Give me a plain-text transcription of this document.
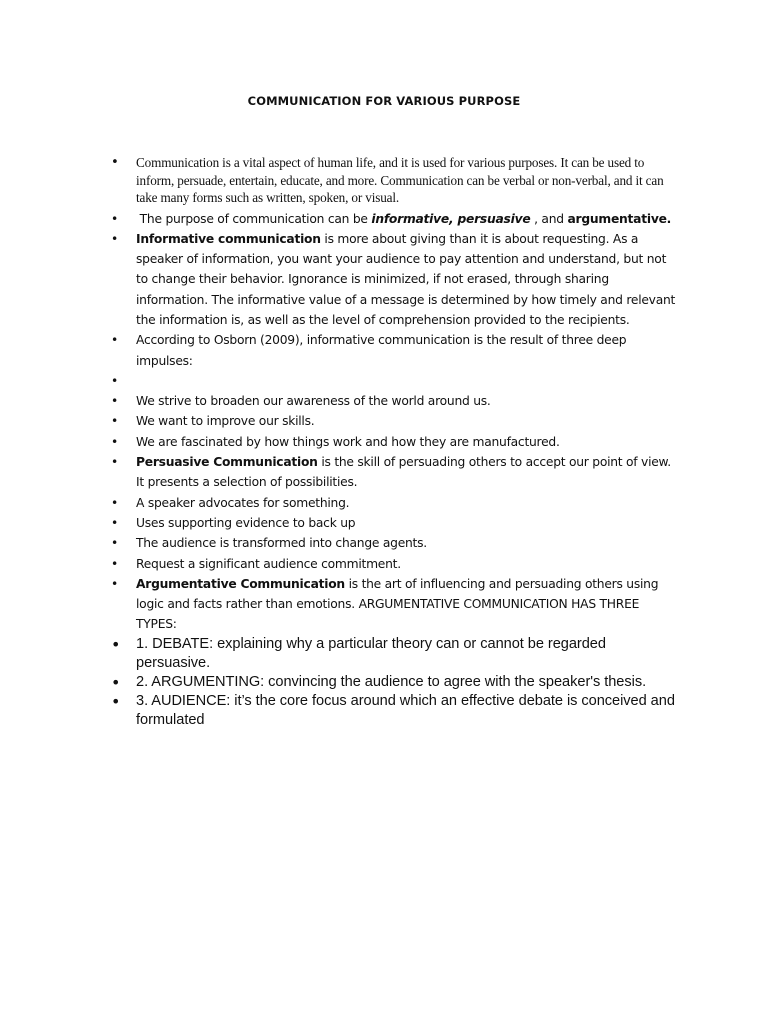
COMMUNICATION FOR VARIOUS PURPOSE
• Communication is a vital aspect of human life, and it is used for various purposes. It can be used to inform, persuade, entertain, educate, and more. Communication can be verbal or non-verbal, and it can take many forms such as written, spoken, or visual.
• The purpose of communication can be informative, persuasive , and argumentative.
• Informative communication is more about giving than it is about requesting. As a speaker of information, you want your audience to pay attention and understand, but not to change their behavior. Ignorance is minimized, if not erased, through sharing information. The informative value of a message is determined by how timely and relevant the information is, as well as the level of comprehension provided to the recipients.
• According to Osborn (2009), informative communication is the result of three deep impulses:
•
• We strive to broaden our awareness of the world around us.
• We want to improve our skills.
• We are fascinated by how things work and how they are manufactured.
• Persuasive Communication is the skill of persuading others to accept our point of view. It presents a selection of possibilities.
• A speaker advocates for something.
• Uses supporting evidence to back up
• The audience is transformed into change agents.
• Request a significant audience commitment.
• Argumentative Communication is the art of influencing and persuading others using logic and facts rather than emotions. ARGUMENTATIVE COMMUNICATION HAS THREE TYPES:
• 1. DEBATE: explaining why a particular theory can or cannot be regarded persuasive.
• 2. ARGUMENTING: convincing the audience to agree with the speaker's thesis.
• 3. AUDIENCE: it’s the core focus around which an effective debate is conceived and formulated
